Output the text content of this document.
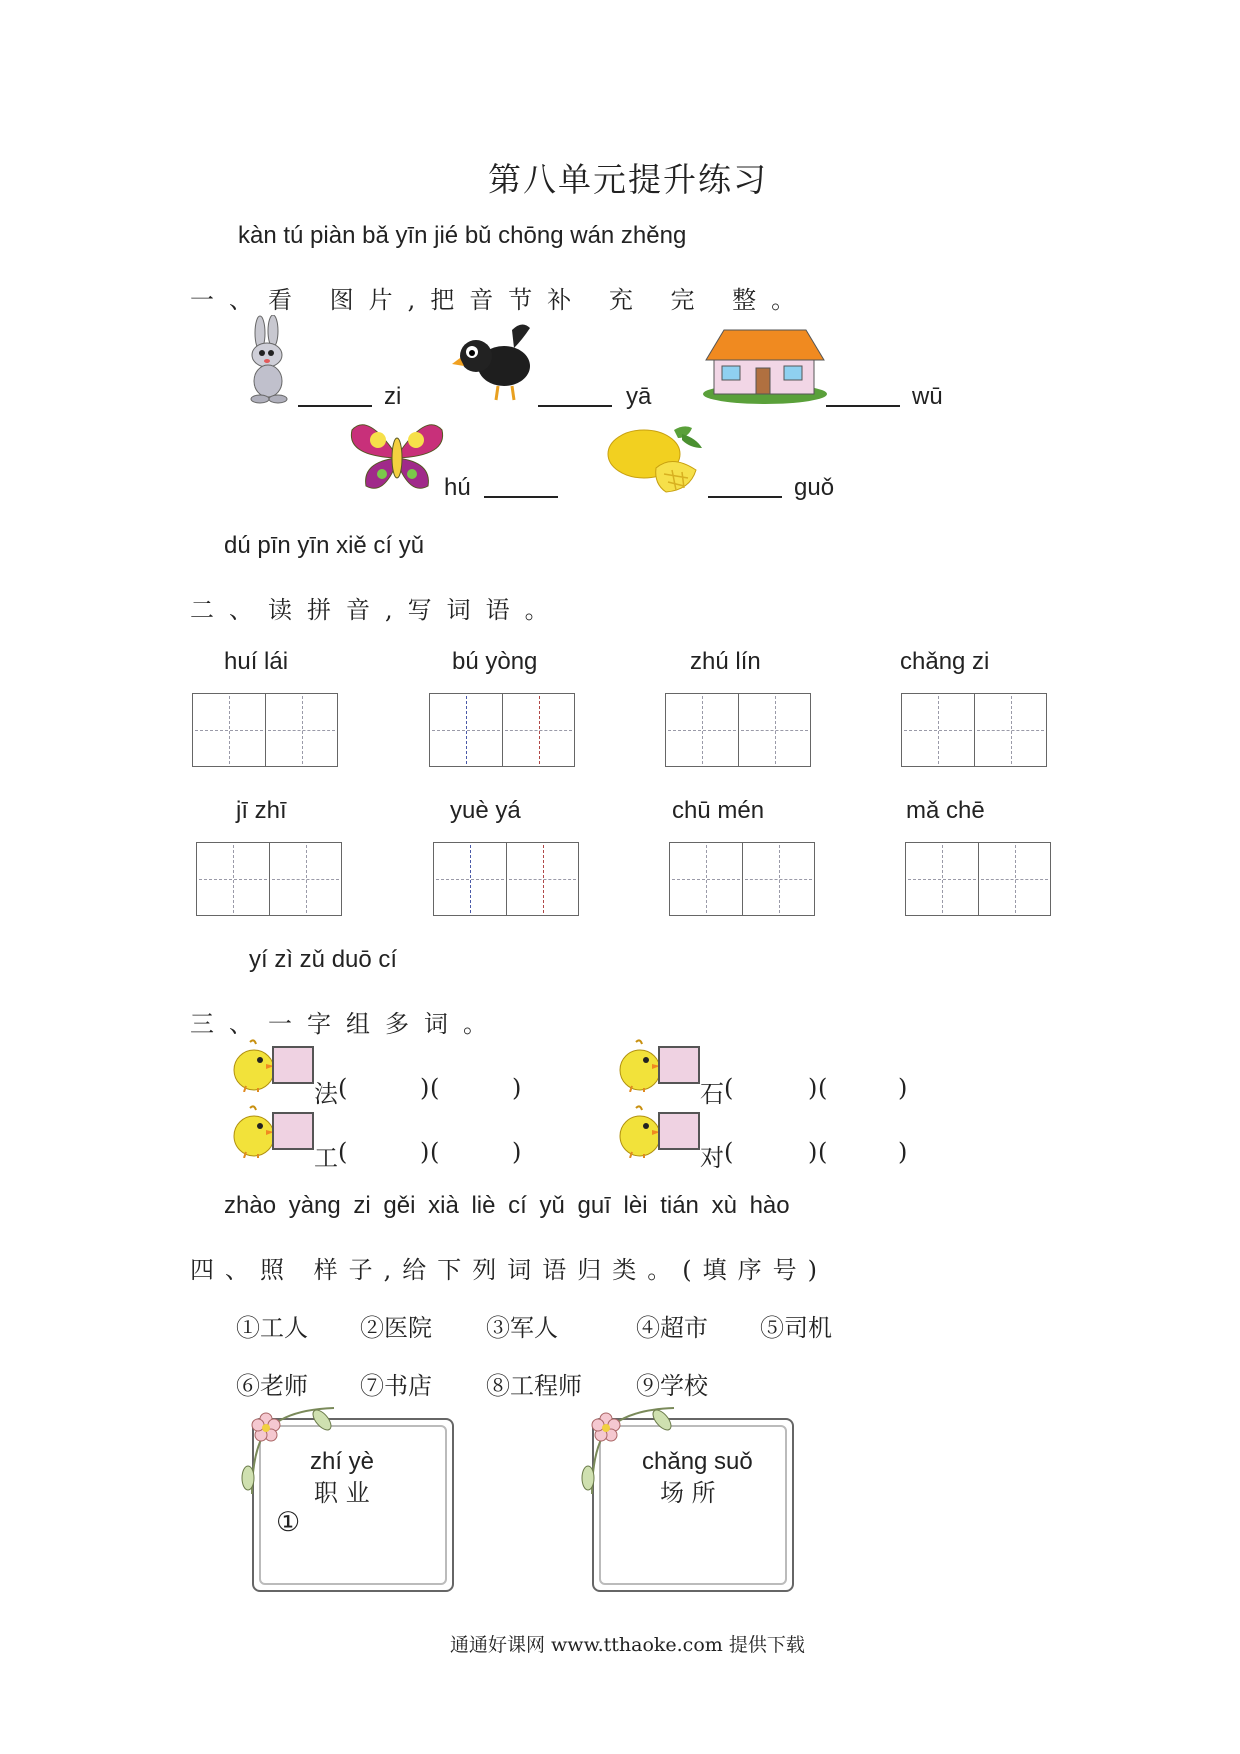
第八单元提升练习
kàn tú piàn bǎ yīn jié bǔ chōng wán zhěng
一、看 图片,把音节补 充 完 整。
zi	yā	wū
hú	guǒ
dú pīn yīn xiě cí yǔ
二、读拼音,写词语。
huí lái	bú yòng	zhú lín	chǎng zi
jī zhī	yuè yá	chū mén	mǎ chē
yí zì zǔ duō cí
三、一字组多词。
法 (	) (	)	石 (	) (	)
工 (	) (	)	对 (	) (	)
zhào yàng zi gěi xià liè cí yǔ guī lèi tián xù hào
四、照 样子,给下列词语归类。(填序号)
①工人 ②医院 ③军人	④超市 ⑤司机
⑥老师 ⑦书店 ⑧工程师 ⑨学校
zhí yè
职 业
①
chǎng suǒ
场 所
通通好课网 www.tthaoke.com 提供下载
